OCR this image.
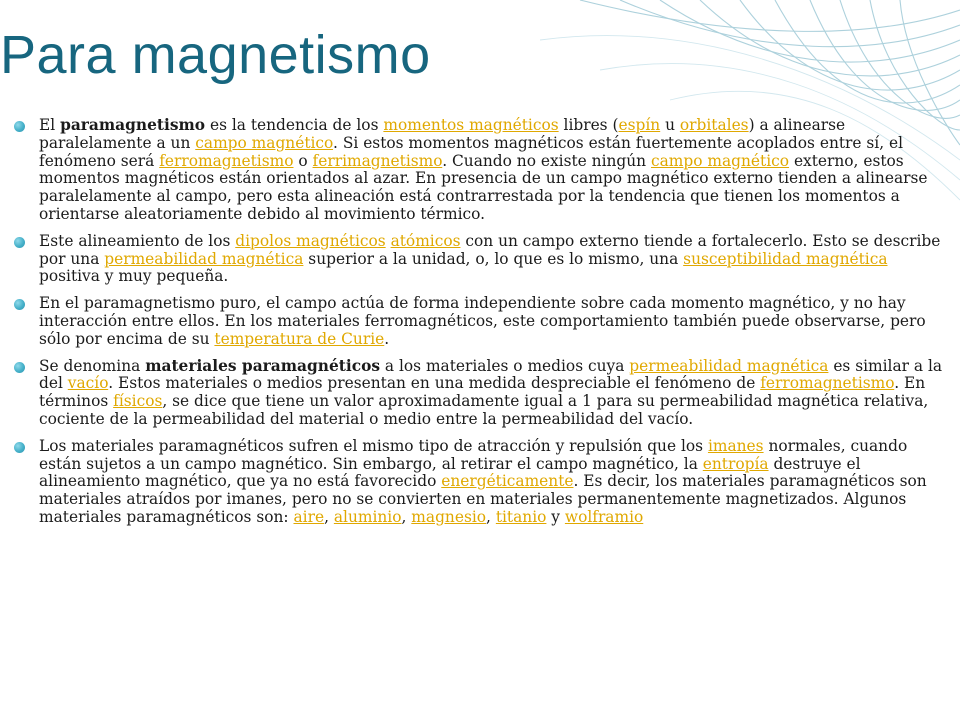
Para magnetismo
El paramagnetismo es la tendencia de los momentos magnéticos libres (espín u orbitales) a alinearse paralelamente a un campo magnético. Si estos momentos magnéticos están fuertemente acoplados entre sí, el fenómeno será ferromagnetismo o ferrimagnetismo. Cuando no existe ningún campo magnético externo, estos momentos magnéticos están orientados al azar. En presencia de un campo magnético externo tienden a alinearse paralelamente al campo, pero esta alineación está contrarrestada por la tendencia que tienen los momentos a orientarse aleatoriamente debido al movimiento térmico.
Este alineamiento de los dipolos magnéticos atómicos con un campo externo tiende a fortalecerlo. Esto se describe por una permeabilidad magnética superior a la unidad, o, lo que es lo mismo, una susceptibilidad magnética positiva y muy pequeña.
En el paramagnetismo puro, el campo actúa de forma independiente sobre cada momento magnético, y no hay interacción entre ellos. En los materiales ferromagnéticos, este comportamiento también puede observarse, pero sólo por encima de su temperatura de Curie.
Se denomina materiales paramagnéticos a los materiales o medios cuya permeabilidad magnética es similar a la del vacío. Estos materiales o medios presentan en una medida despreciable el fenómeno de ferromagnetismo. En términos físicos, se dice que tiene un valor aproximadamente igual a 1 para su permeabilidad magnética relativa, cociente de la permeabilidad del material o medio entre la permeabilidad del vacío.
Los materiales paramagnéticos sufren el mismo tipo de atracción y repulsión que los imanes normales, cuando están sujetos a un campo magnético. Sin embargo, al retirar el campo magnético, la entropía destruye el alineamiento magnético, que ya no está favorecido energéticamente. Es decir, los materiales paramagnéticos son materiales atraídos por imanes, pero no se convierten en materiales permanentemente magnetizados. Algunos materiales paramagnéticos son: aire, aluminio, magnesio, titanio y wolframio
